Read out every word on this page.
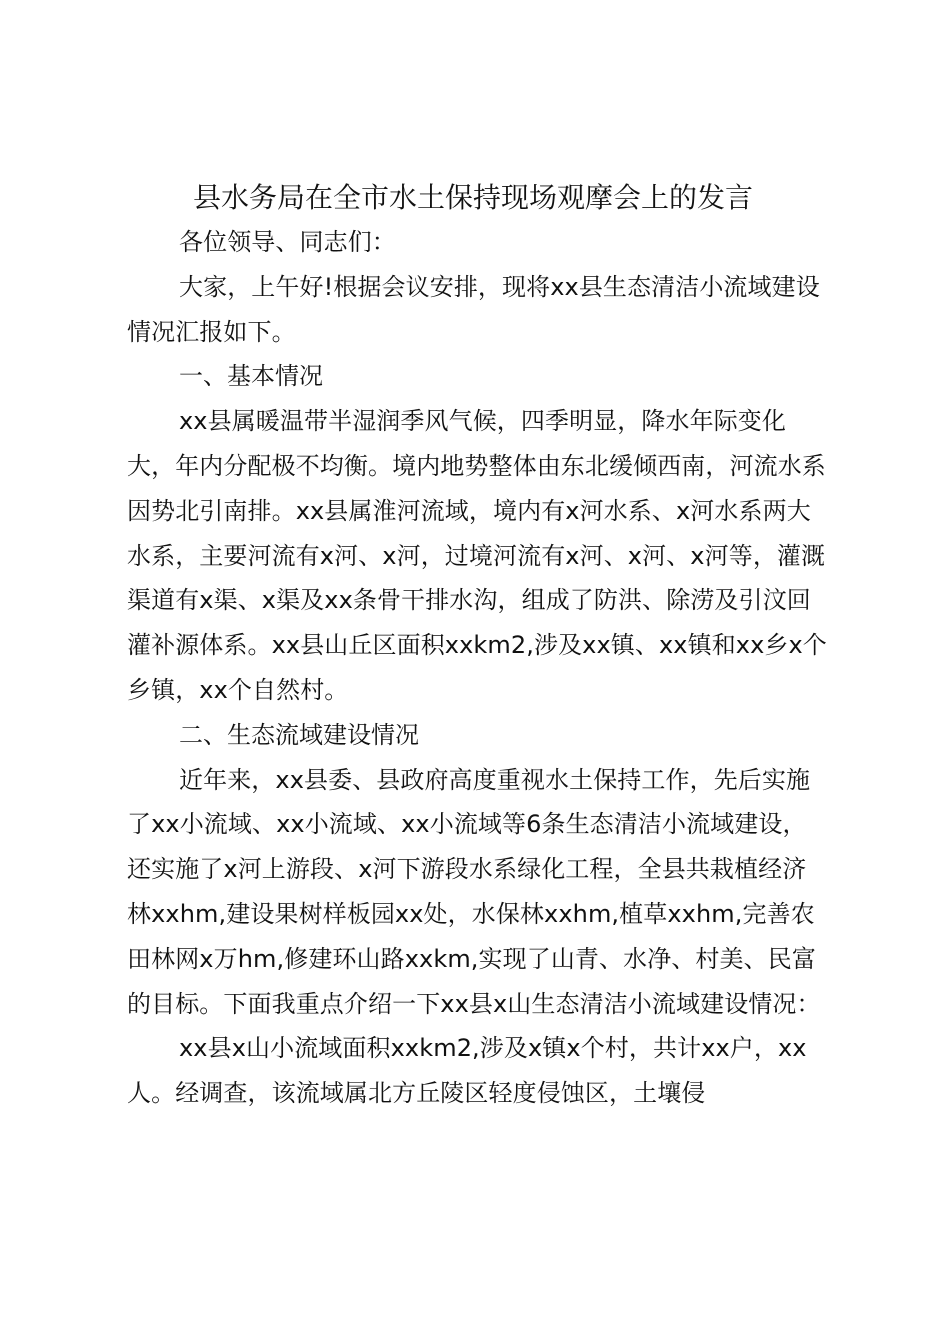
县水务局在全市水土保持现场观摩会上的发言

各位领导、同志们：

大家，上午好!根据会议安排，现将xx县生态清洁小流域建设情况汇报如下。

一、基本情况

xx县属暖温带半湿润季风气候，四季明显，降水年际变化大，年内分配极不均衡。境内地势整体由东北缓倾西南，河流水系因势北引南排。xx县属淮河流域，境内有x河水系、x河水系两大水系，主要河流有x河、x河，过境河流有x河、x河、x河等，灌溉渠道有x渠、x渠及xx条骨干排水沟，组成了防洪、除涝及引汶回灌补源体系。xx县山丘区面积xxkm2,涉及xx镇、xx镇和xx乡x个乡镇，xx个自然村。

二、生态流域建设情况

近年来，xx县委、县政府高度重视水土保持工作，先后实施了xx小流域、xx小流域、xx小流域等6条生态清洁小流域建设，还实施了x河上游段、x河下游段水系绿化工程，全县共栽植经济林xxhm,建设果树样板园xx处，水保林xxhm,植草xxhm,完善农田林网x万hm,修建环山路xxkm,实现了山青、水净、村美、民富的目标。下面我重点介绍一下xx县x山生态清洁小流域建设情况：

xx县x山小流域面积xxkm2,涉及x镇x个村，共计xx户，xx人。经调查，该流域属北方丘陵区轻度侵蚀区，土壤侵
